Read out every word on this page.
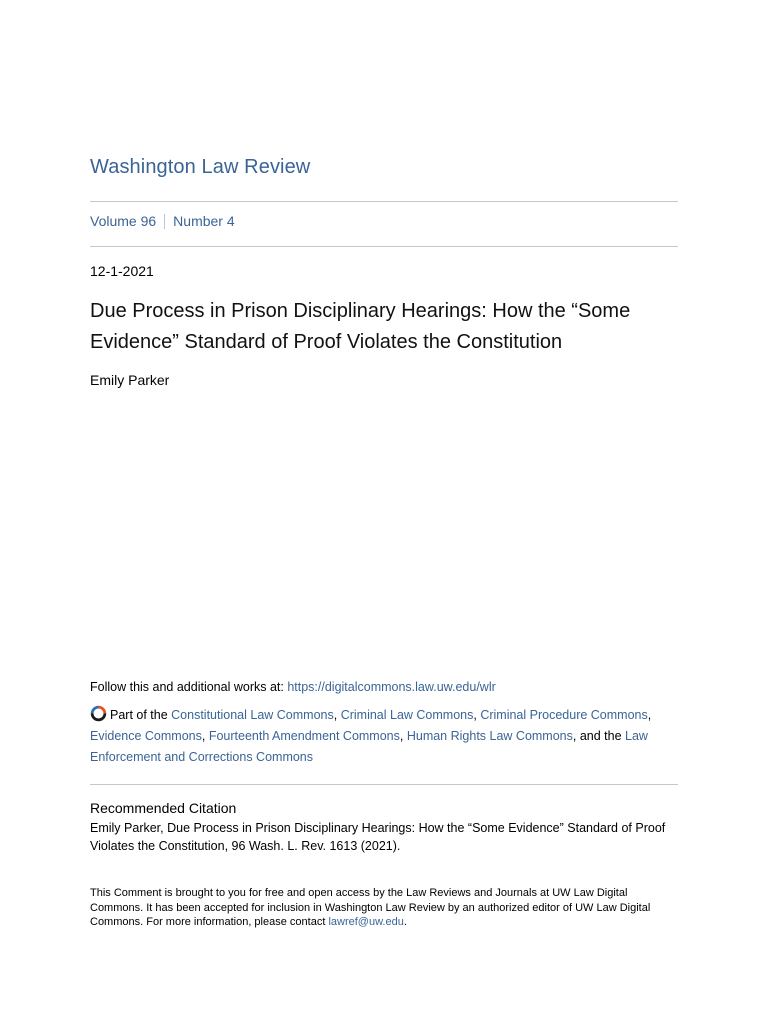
Washington Law Review
Volume 96 Number 4
12-1-2021
Due Process in Prison Disciplinary Hearings: How the “Some Evidence” Standard of Proof Violates the Constitution
Emily Parker
Follow this and additional works at: https://digitalcommons.law.uw.edu/wlr
Part of the Constitutional Law Commons, Criminal Law Commons, Criminal Procedure Commons, Evidence Commons, Fourteenth Amendment Commons, Human Rights Law Commons, and the Law Enforcement and Corrections Commons
Recommended Citation
Emily Parker, Due Process in Prison Disciplinary Hearings: How the “Some Evidence” Standard of Proof Violates the Constitution, 96 Wash. L. Rev. 1613 (2021).
This Comment is brought to you for free and open access by the Law Reviews and Journals at UW Law Digital Commons. It has been accepted for inclusion in Washington Law Review by an authorized editor of UW Law Digital Commons. For more information, please contact lawref@uw.edu.
